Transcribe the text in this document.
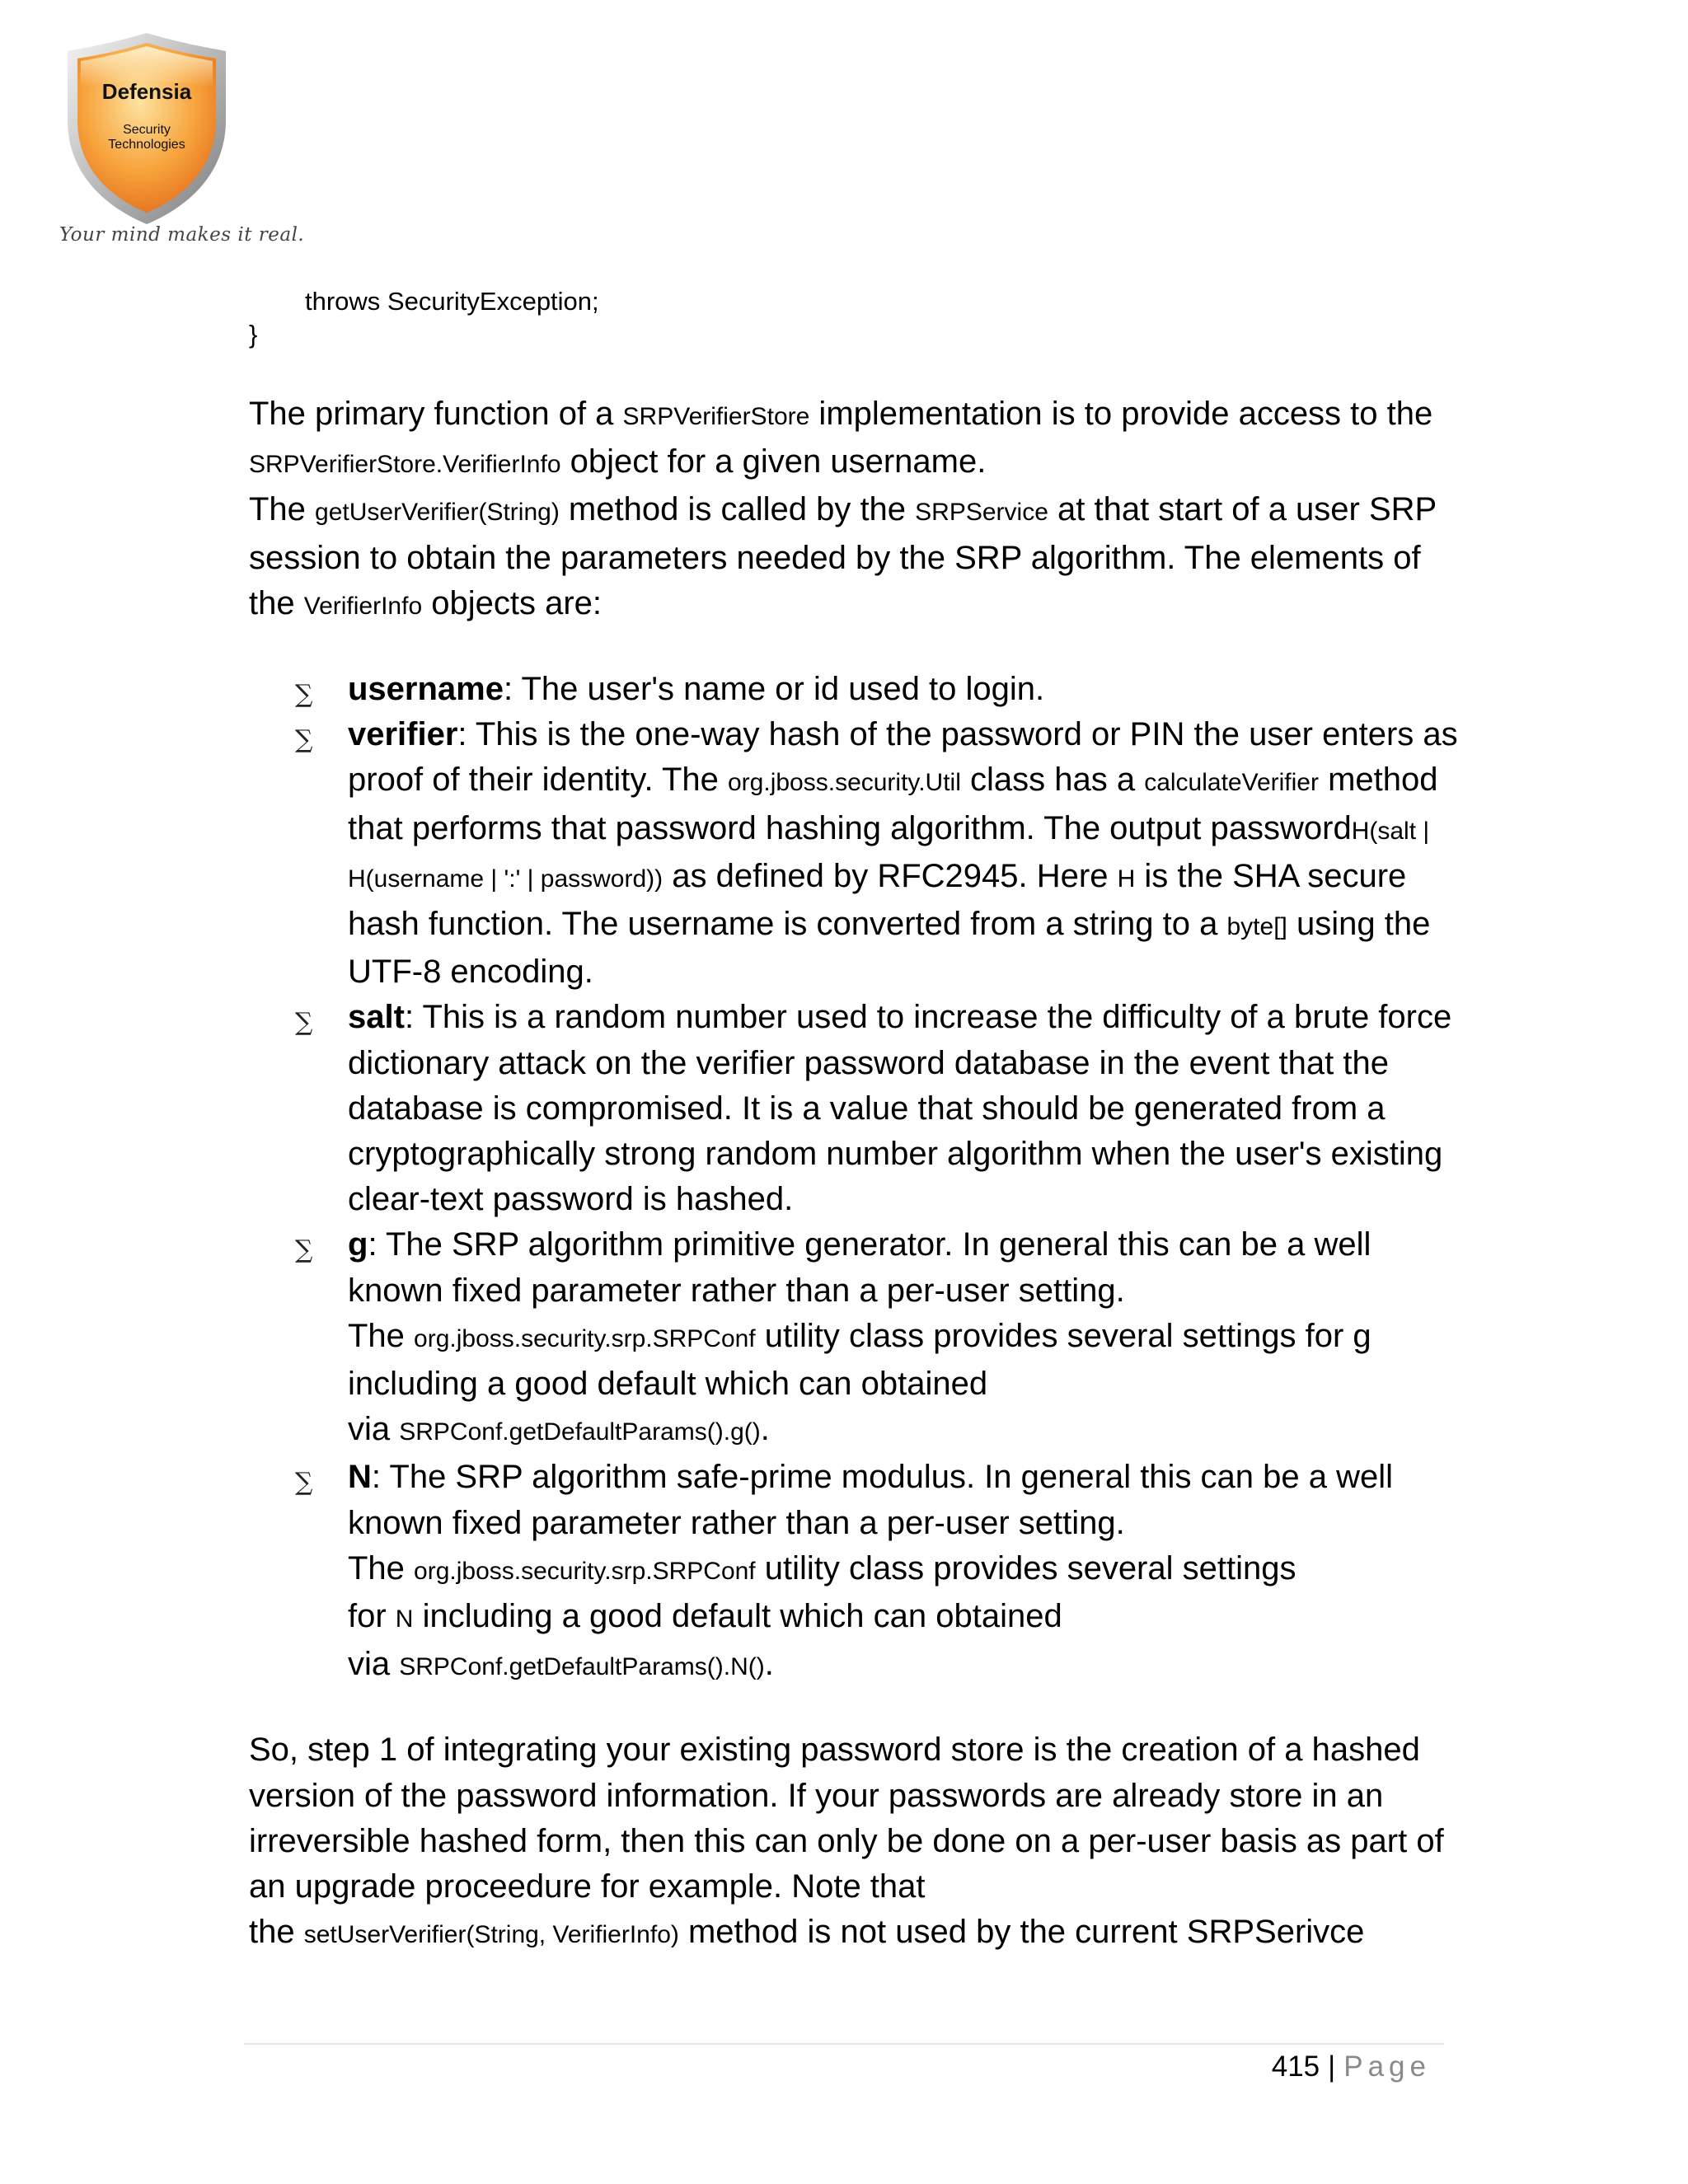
Defensia
Security
Technologies
Your mind makes it real.
throws SecurityException;
}

The primary function of a SRPVerifierStore implementation is to provide access to the SRPVerifierStore.VerifierInfo object for a given username.

The getUserVerifier(String) method is called by the SRPService at that start of a user SRP session to obtain the parameters needed by the SRP algorithm. The elements of the VerifierInfo objects are:

∑ username: The user's name or id used to login.
∑ verifier: This is the one-way hash of the password or PIN the user enters as proof of their identity. The org.jboss.security.Util class has a calculateVerifier method that performs that password hashing algorithm. The output passwordH(salt | H(username | ':' | password)) as defined by RFC2945. Here H is the SHA secure hash function. The username is converted from a string to a byte[] using the UTF-8 encoding.
∑ salt: This is a random number used to increase the difficulty of a brute force dictionary attack on the verifier password database in the event that the database is compromised. It is a value that should be generated from a cryptographically strong random number algorithm when the user's existing clear-text password is hashed.
∑ g: The SRP algorithm primitive generator. In general this can be a well known fixed parameter rather than a per-user setting.
The org.jboss.security.srp.SRPConf utility class provides several settings for g including a good default which can obtained
via SRPConf.getDefaultParams().g().
∑ N: The SRP algorithm safe-prime modulus. In general this can be a well known fixed parameter rather than a per-user setting.
The org.jboss.security.srp.SRPConf utility class provides several settings
for N including a good default which can obtained
via SRPConf.getDefaultParams().N().

So, step 1 of integrating your existing password store is the creation of a hashed version of the password information. If your passwords are already store in an irreversible hashed form, then this can only be done on a per-user basis as part of an upgrade proceedure for example. Note that

the setUserVerifier(String, VerifierInfo) method is not used by the current SRPSerivce

415 | Page
